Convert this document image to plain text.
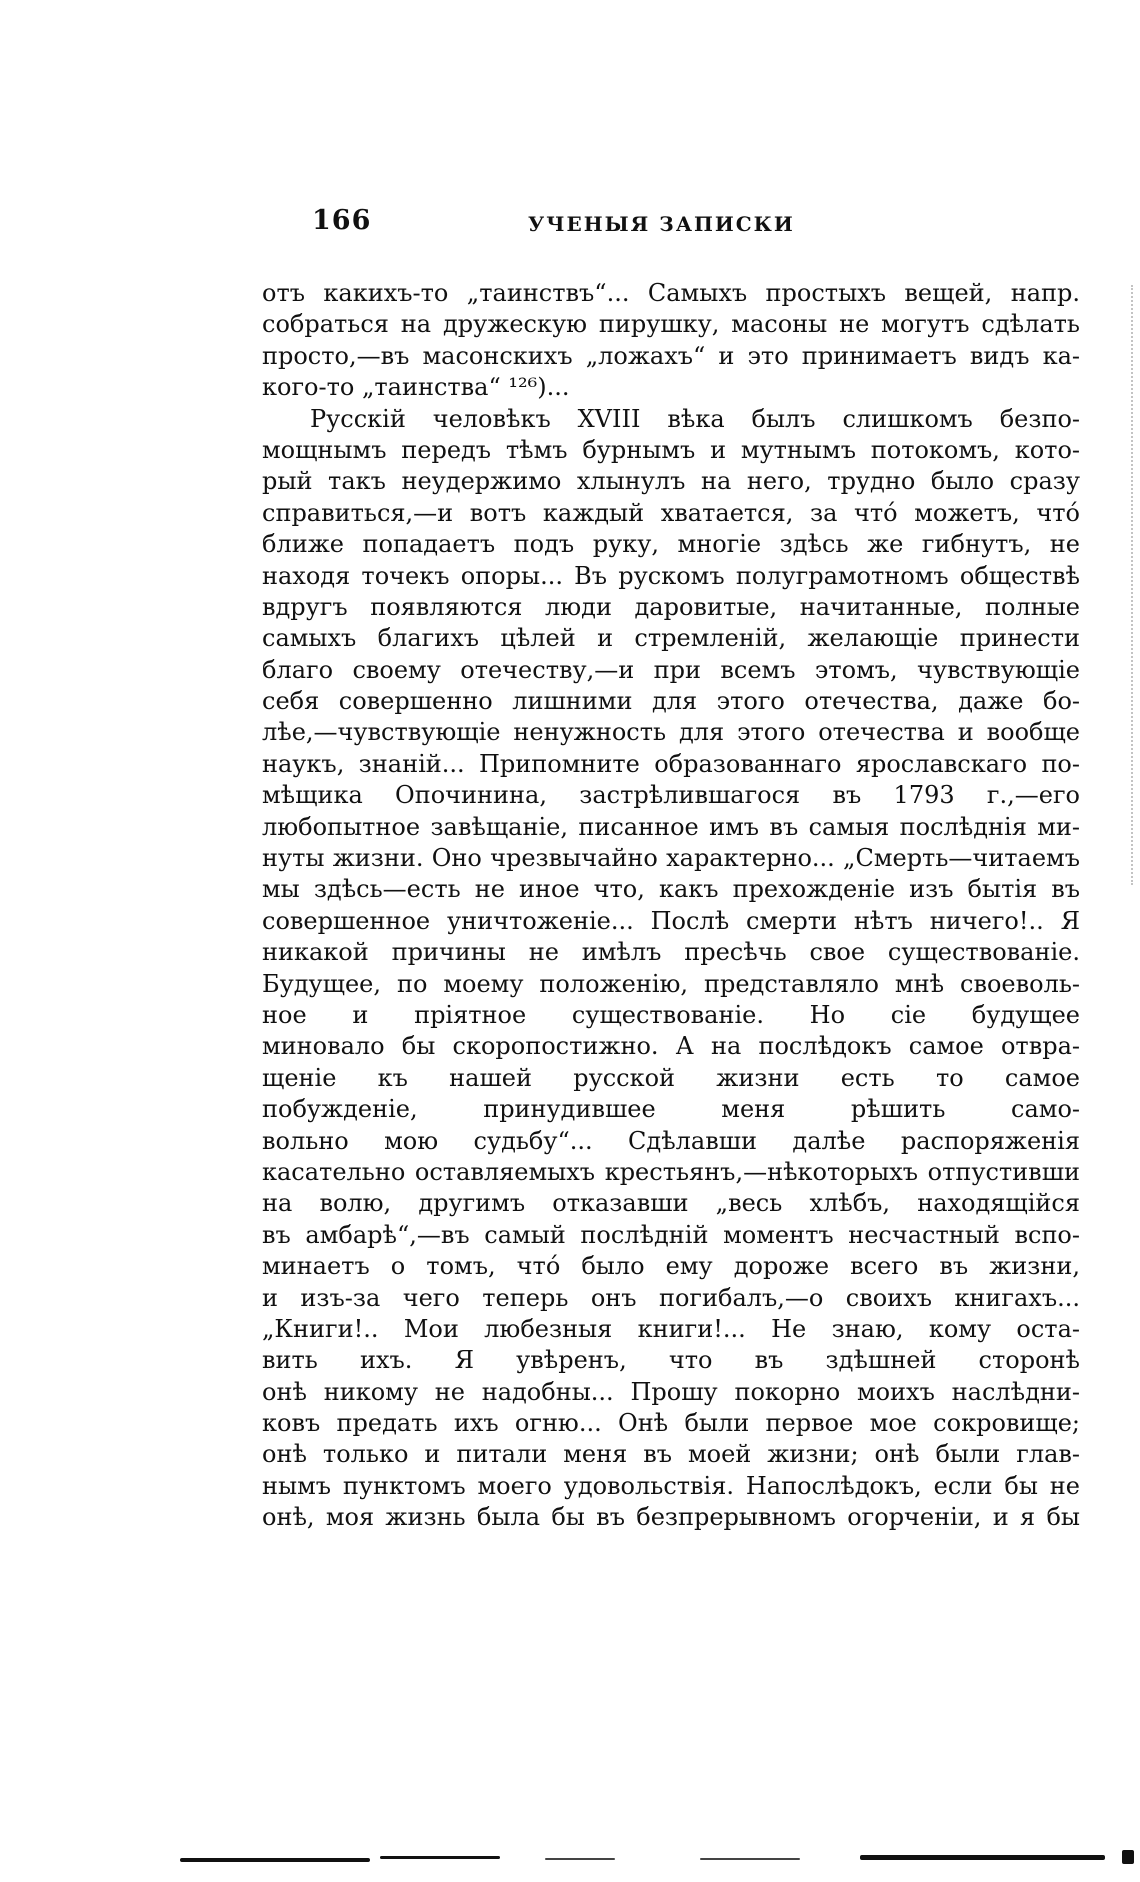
166	УЧЕНЫЯ ЗАПИСКИ
отъ какихъ-то „таинствъ“... Самыхъ простыхъ вещей, напр.
собраться на дружескую пирушку, масоны не могутъ сдѣлать
просто,—въ масонскихъ „ложахъ“ и это принимаетъ видъ ка-
кого-то „таинства“ ¹²⁶)...
Русскій человѣкъ XVIII вѣка былъ слишкомъ безпо-
мощнымъ передъ тѣмъ бурнымъ и мутнымъ потокомъ, кото-
рый такъ неудержимо хлынулъ на него, трудно было сразу
справиться,—и вотъ каждый хватается, за что́ можетъ, что́
ближе попадаетъ подъ руку, многіе здѣсь же гибнутъ, не
находя точекъ опоры... Въ рускомъ полуграмотномъ обществѣ
вдругъ появляются люди даровитые, начитанные, полные
самыхъ благихъ цѣлей и стремленій, желающіе принести
благо своему отечеству,—и при всемъ этомъ, чувствующіе
себя совершенно лишними для этого отечества, даже бо-
лѣе,—чувствующіе ненужность для этого отечества и вообще
наукъ, знаній... Припомните образованнаго ярославскаго по-
мѣщика Опочинина, застрѣлившагося въ 1793 г.,—его
любопытное завѣщаніе, писанное имъ въ самыя послѣднія ми-
нуты жизни. Оно чрезвычайно характерно... „Смерть—читаемъ
мы здѣсь—есть не иное что, какъ прехожденіе изъ бытія въ
совершенное уничтоженіе... Послѣ смерти нѣтъ ничего!.. Я
никакой причины не имѣлъ пресѣчь свое существованіе.
Будущее, по моему положенію, представляло мнѣ своеволь-
ное и пріятное существованіе. Но сіе будущее
миновало бы скоропостижно. А на послѣдокъ самое отвра-
щеніе къ нашей русской жизни есть то самое
побужденіе, принудившее меня рѣшить само-
вольно мою судьбу“... Сдѣлавши далѣе распоряженія
касательно оставляемыхъ крестьянъ,—нѣкоторыхъ отпустивши
на волю, другимъ отказавши „весь хлѣбъ, находящійся
въ амбарѣ“,—въ самый послѣдній моментъ несчастный вспо-
минаетъ о томъ, что́ было ему дороже всего въ жизни,
и изъ-за чего теперь онъ погибалъ,—о своихъ книгахъ...
„Книги!.. Мои любезныя книги!... Не знаю, кому оста-
вить ихъ. Я увѣренъ, что въ здѣшней сторонѣ
онѣ никому не надобны... Прошу покорно моихъ наслѣдни-
ковъ предать ихъ огню... Онѣ были первое мое сокровище;
онѣ только и питали меня въ моей жизни; онѣ были глав-
нымъ пунктомъ моего удовольствія. Напослѣдокъ, если бы не
онѣ, моя жизнь была бы въ безпрерывномъ огорченіи, и я бы
